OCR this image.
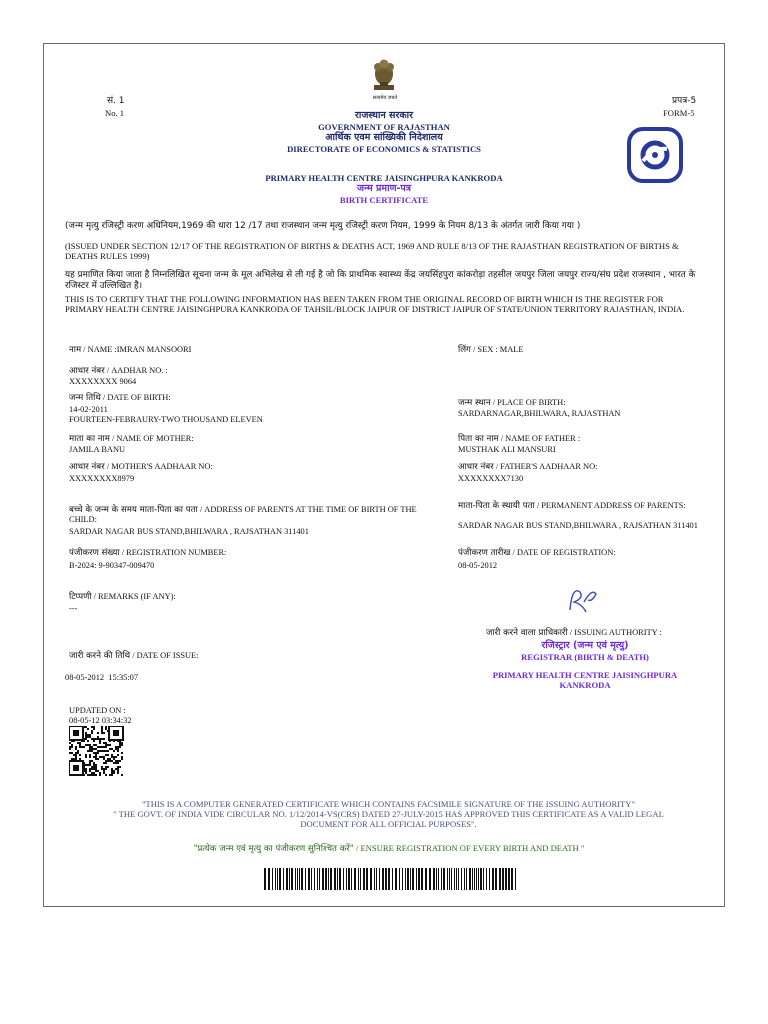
सं. 1
No. 1
प्रपत्र-5
FORM-5
सत्यमेव जयते
राजस्थान सरकार
GOVERNMENT OF RAJASTHAN
आर्थिक एवम सांख्यिकी निदेशालय
DIRECTORATE OF ECONOMICS & STATISTICS
PRIMARY HEALTH CENTRE JAISINGHPURA KANKRODA
जन्म प्रमाण-पत्र
BIRTH CERTIFICATE
(जन्म मृत्यु रजिस्ट्री करण अधिनियम,1969 की धारा 12 /17 तथा राजस्थान जन्म मृत्यु रजिस्ट्री करण नियम, 1999 के नियम 8/13 के अंतर्गत जारी किया गया )
(ISSUED UNDER SECTION 12/17 OF THE REGISTRATION OF BIRTHS & DEATHS ACT, 1969 AND RULE 8/13 OF THE RAJASTHAN REGISTRATION OF BIRTHS & DEATHS RULES 1999)
यह प्रमाणित किया जाता है निम्नलिखित सूचना जन्म के मूल अभिलेख से ली गई है जो कि प्राथमिक स्वास्थ्य केंद्र जयसिंहपुरा कांकरोड़ा तहसील जयपुर जिला जयपुर राज्य/संघ प्रदेश राजस्थान , भारत के रजिस्टर में उल्लिखित है।
THIS IS TO CERTIFY THAT THE FOLLOWING INFORMATION HAS BEEN TAKEN FROM THE ORIGINAL RECORD OF BIRTH WHICH IS THE REGISTER FOR PRIMARY HEALTH CENTRE JAISINGHPURA KANKRODA OF TAHSIL/BLOCK JAIPUR OF DISTRICT JAIPUR OF STATE/UNION TERRITORY RAJASTHAN, INDIA.
नाम / NAME :IMRAN MANSOORI
आधार नंबर / AADHAR NO. :
XXXXXXXX 9064
जन्म तिथि / DATE OF BIRTH:
14-02-2011
FOURTEEN-FEBRAURY-TWO THOUSAND ELEVEN
माता का नाम / NAME OF MOTHER:
JAMILA BANU
आधार नंबर / MOTHER'S AADHAAR NO:
XXXXXXXX8979
बच्चे के जन्म के समय माता-पिता का पता / ADDRESS OF PARENTS AT THE TIME OF BIRTH OF THE CHILD:
SARDAR NAGAR BUS STAND,BHILWARA , RAJSATHAN 311401
पंजीकरण संख्या / REGISTRATION NUMBER:
B-2024: 9-90347-009470
टिप्पणी / REMARKS (IF ANY):
---
लिंग / SEX : MALE
जन्म स्थान / PLACE OF BIRTH:
SARDARNAGAR,BHILWARA, RAJASTHAN
पिता का नाम / NAME OF FATHER :
MUSTHAK ALI MANSURI
आधार नंबर / FATHER'S AADHAAR NO:
XXXXXXXX7130
माता-पिता के स्थायी पता / PERMANENT ADDRESS OF PARENTS:
SARDAR NAGAR BUS STAND,BHILWARA , RAJSATHAN 311401
पंजीकरण तारीख / DATE OF REGISTRATION:
08-05-2012
जारी करने वाला प्राधिकारी / ISSUING AUTHORITY :
रजिस्ट्रार (जन्म एवं मृत्यु)
REGISTRAR (BIRTH & DEATH)
PRIMARY HEALTH CENTRE JAISINGHPURA KANKRODA
जारी करने की तिथि / DATE OF ISSUE:
08-05-2012  15:35:07
UPDATED ON :
08-05-12 03:34:32
"THIS IS A COMPUTER GENERATED CERTIFICATE WHICH CONTAINS FACSIMILE SIGNATURE OF THE ISSUING AUTHORITY"
" THE GOVT. OF INDIA VIDE CIRCULAR NO. 1/12/2014-VS(CRS) DATED 27-JULY-2015 HAS APPROVED THIS CERTIFICATE AS A VALID LEGAL DOCUMENT FOR ALL OFFICIAL PURPOSES".
"प्रत्येक जन्म एवं मृत्यु का पंजीकरण सुनिश्चित करें" / ENSURE REGISTRATION OF EVERY BIRTH AND DEATH "
